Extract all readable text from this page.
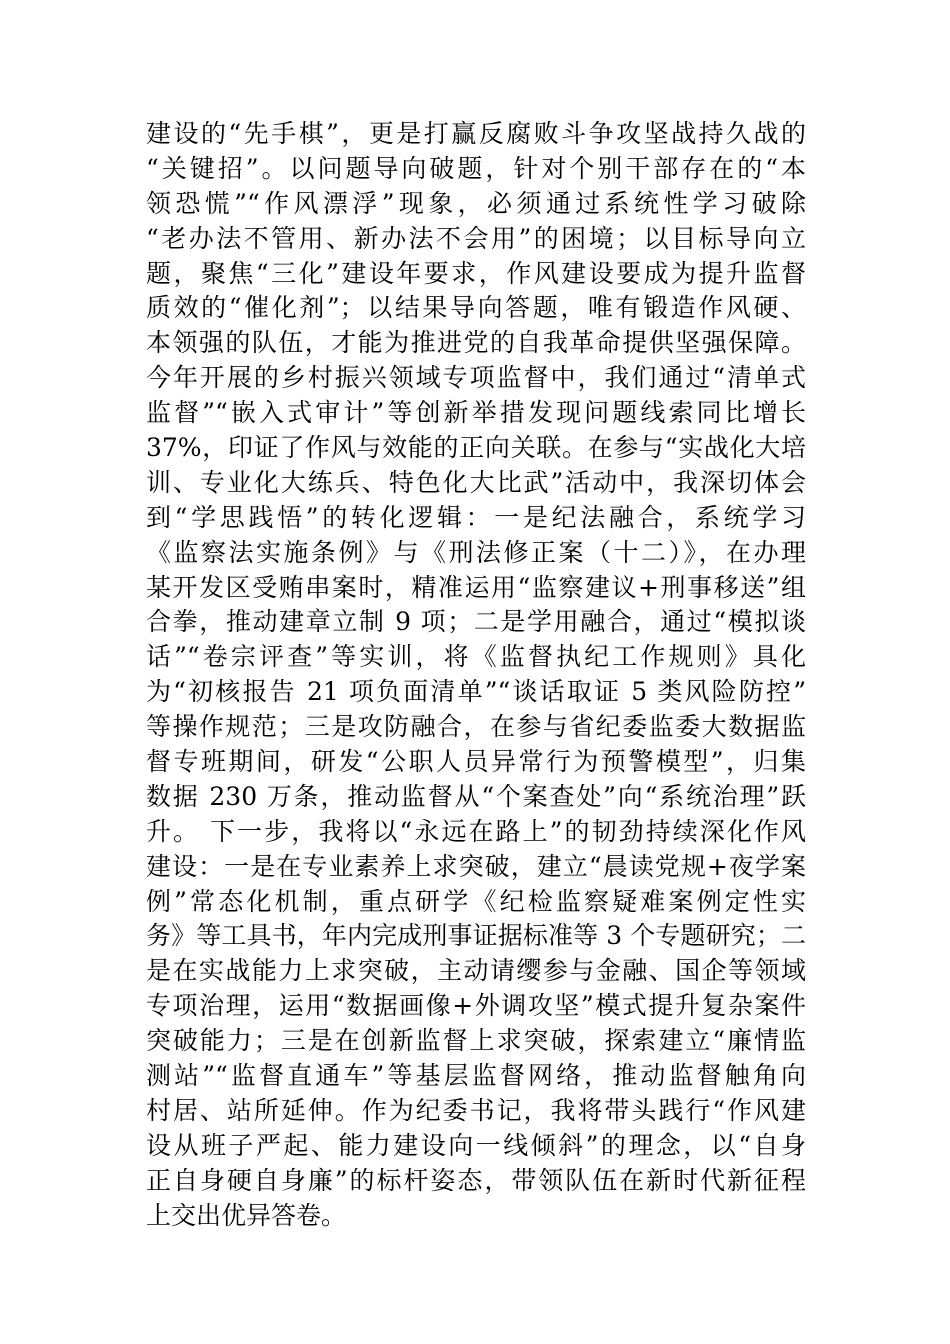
建设的“先手棋”，更是打赢反腐败斗争攻坚战持久战的
“关键招”。以问题导向破题，针对个别干部存在的“本
领恐慌”“作风漂浮”现象，必须通过系统性学习破除
“老办法不管用、新办法不会用”的困境；以目标导向立
题，聚焦“三化”建设年要求，作风建设要成为提升监督
质效的“催化剂”；以结果导向答题，唯有锻造作风硬、
本领强的队伍，才能为推进党的自我革命提供坚强保障。
今年开展的乡村振兴领域专项监督中，我们通过“清单式
监督”“嵌入式审计”等创新举措发现问题线索同比增长
37%，印证了作风与效能的正向关联。在参与“实战化大培
训、专业化大练兵、特色化大比武”活动中，我深切体会
到“学思践悟”的转化逻辑：一是纪法融合，系统学习
《监察法实施条例》与《刑法修正案（十二）》，在办理
某开发区受贿串案时，精准运用“监察建议+刑事移送”组
合拳，推动建章立制 9 项；二是学用融合，通过“模拟谈
话”“卷宗评查”等实训，将《监督执纪工作规则》具化
为“初核报告 21 项负面清单”“谈话取证 5 类风险防控”
等操作规范；三是攻防融合，在参与省纪委监委大数据监
督专班期间，研发“公职人员异常行为预警模型”，归集
数据 230 万条，推动监督从“个案查处”向“系统治理”跃
升。 下一步，我将以“永远在路上”的韧劲持续深化作风
建设：一是在专业素养上求突破，建立“晨读党规+夜学案
例”常态化机制，重点研学《纪检监察疑难案例定性实
务》等工具书，年内完成刑事证据标准等 3 个专题研究；二
是在实战能力上求突破，主动请缨参与金融、国企等领域
专项治理，运用“数据画像+外调攻坚”模式提升复杂案件
突破能力；三是在创新监督上求突破，探索建立“廉情监
测站”“监督直通车”等基层监督网络，推动监督触角向
村居、站所延伸。作为纪委书记，我将带头践行“作风建
设从班子严起、能力建设向一线倾斜”的理念，以“自身
正自身硬自身廉”的标杆姿态，带领队伍在新时代新征程
上交出优异答卷。
